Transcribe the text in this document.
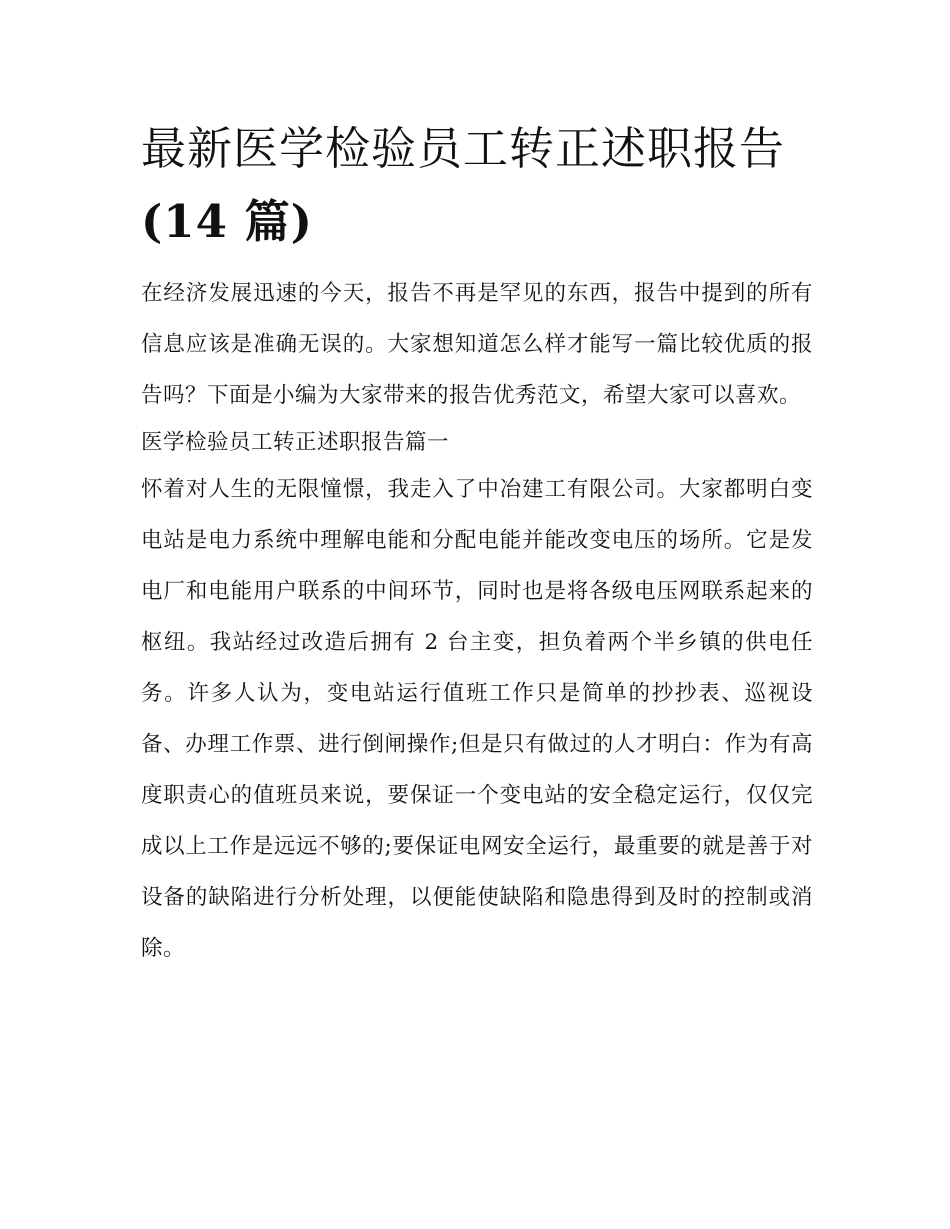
最新医学检验员工转正述职报告(14 篇)

在经济发展迅速的今天，报告不再是罕见的东西，报告中提到的所有信息应该是准确无误的。大家想知道怎么样才能写一篇比较优质的报告吗？下面是小编为大家带来的报告优秀范文，希望大家可以喜欢。

医学检验员工转正述职报告篇一

怀着对人生的无限憧憬，我走入了中冶建工有限公司。大家都明白变电站是电力系统中理解电能和分配电能并能改变电压的场所。它是发电厂和电能用户联系的中间环节，同时也是将各级电压网联系起来的枢纽。我站经过改造后拥有 2 台主变，担负着两个半乡镇的供电任务。许多人认为，变电站运行值班工作只是简单的抄抄表、巡视设备、办理工作票、进行倒闸操作;但是只有做过的人才明白：作为有高度职责心的值班员来说，要保证一个变电站的安全稳定运行，仅仅完成以上工作是远远不够的;要保证电网安全运行，最重要的就是善于对设备的缺陷进行分析处理，以便能使缺陷和隐患得到及时的控制或消除。
